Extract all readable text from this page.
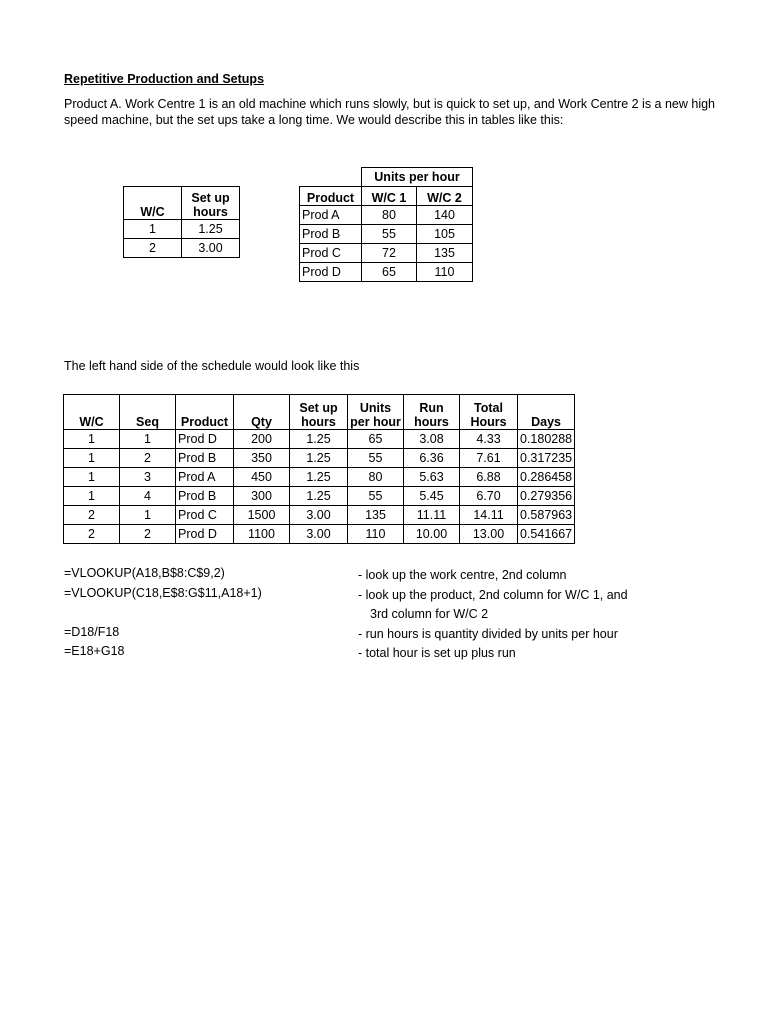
Repetitive Production and Setups
Product A. Work Centre 1 is an old machine which runs slowly, but is quick to set up, and Work Centre 2 is a new high speed machine, but the set ups take a long time. We would describe this in tables like this:
W/C	Set up hours
1	1.25
2	3.00
	Units per hour	
Product	W/C 1	W/C 2
Prod A	80	140
Prod B	55	105
Prod C	72	135
Prod D	65	110
The left hand side of the schedule would look like this
W/C	Seq	Product	Qty	Set up hours	Units per hour	Run hours	Total Hours	Days
1	1	Prod D	200	1.25	65	3.08	4.33	0.180288
1	2	Prod B	350	1.25	55	6.36	7.61	0.317235
1	3	Prod A	450	1.25	80	5.63	6.88	0.286458
1	4	Prod B	300	1.25	55	5.45	6.70	0.279356
2	1	Prod C	1500	3.00	135	11.11	14.11	0.587963
2	2	Prod D	1100	3.00	110	10.00	13.00	0.541667
=VLOOKUP(A18,B$8:C$9,2)	- look up the work centre, 2nd column
=VLOOKUP(C18,E$8:G$11,A18+1)	- look up the product, 2nd column for W/C 1, and
3rd column for W/C 2
=D18/F18	- run hours is quantity divided by units per hour
=E18+G18	- total hour is set up plus run
